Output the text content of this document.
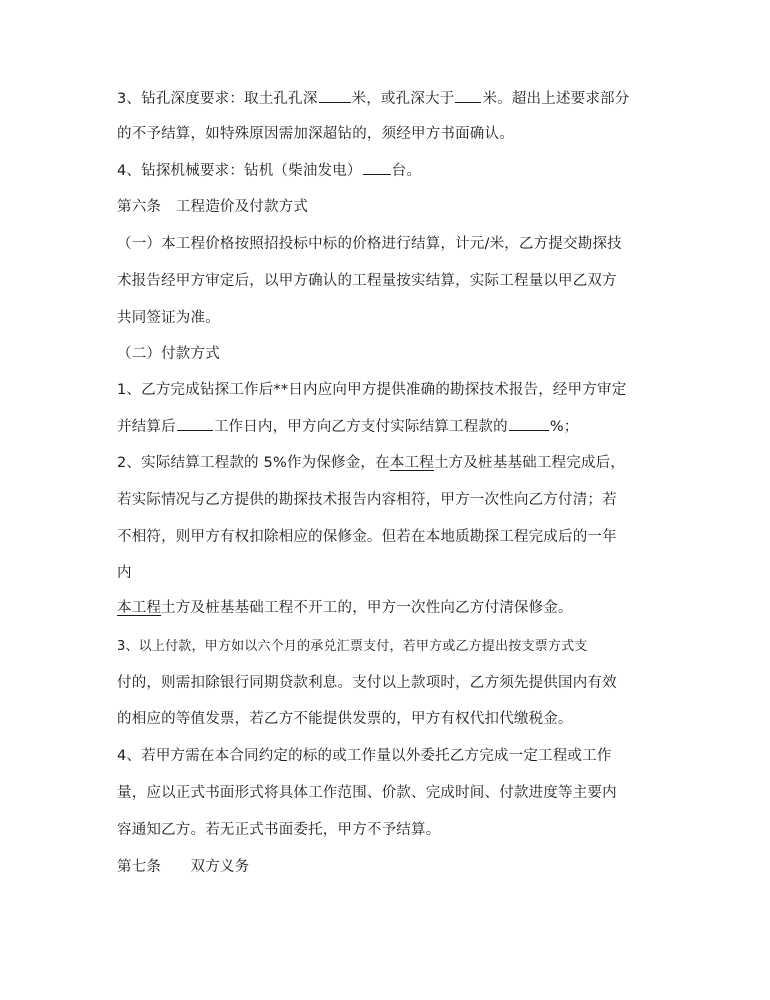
3、钻孔深度要求：取土孔孔深 米，或孔深大于 米。超出上述要求部分
的不予结算，如特殊原因需加深超钻的，须经甲方书面确认。
4、钻探机械要求：钻机（柴油发电） 台。
第六条　工程造价及付款方式
（一）本工程价格按照招投标中标的价格进行结算，计元/米，乙方提交勘探技
术报告经甲方审定后，以甲方确认的工程量按实结算，实际工程量以甲乙双方
共同签证为准。
（二）付款方式
1、乙方完成钻探工作后**日内应向甲方提供准确的勘探技术报告，经甲方审定
并结算后	工作日内，甲方向乙方支付实际结算工程款的	%；
2、实际结算工程款的 5%作为保修金，在本工程土方及桩基基础工程完成后，
若实际情况与乙方提供的勘探技术报告内容相符，甲方一次性向乙方付清；若
不相符，则甲方有权扣除相应的保修金。但若在本地质勘探工程完成后的一年
内
本工程土方及桩基基础工程不开工的，甲方一次性向乙方付清保修金。
3、以上付款，甲方如以六个月的承兑汇票支付，若甲方或乙方提出按支票方式支
付的，则需扣除银行同期贷款利息。支付以上款项时，乙方须先提供国内有效
的相应的等值发票，若乙方不能提供发票的，甲方有权代扣代缴税金。
4、若甲方需在本合同约定的标的或工作量以外委托乙方完成一定工程或工作
量，应以正式书面形式将具体工作范围、价款、完成时间、付款进度等主要内
容通知乙方。若无正式书面委托，甲方不予结算。
第七条　　双方义务
